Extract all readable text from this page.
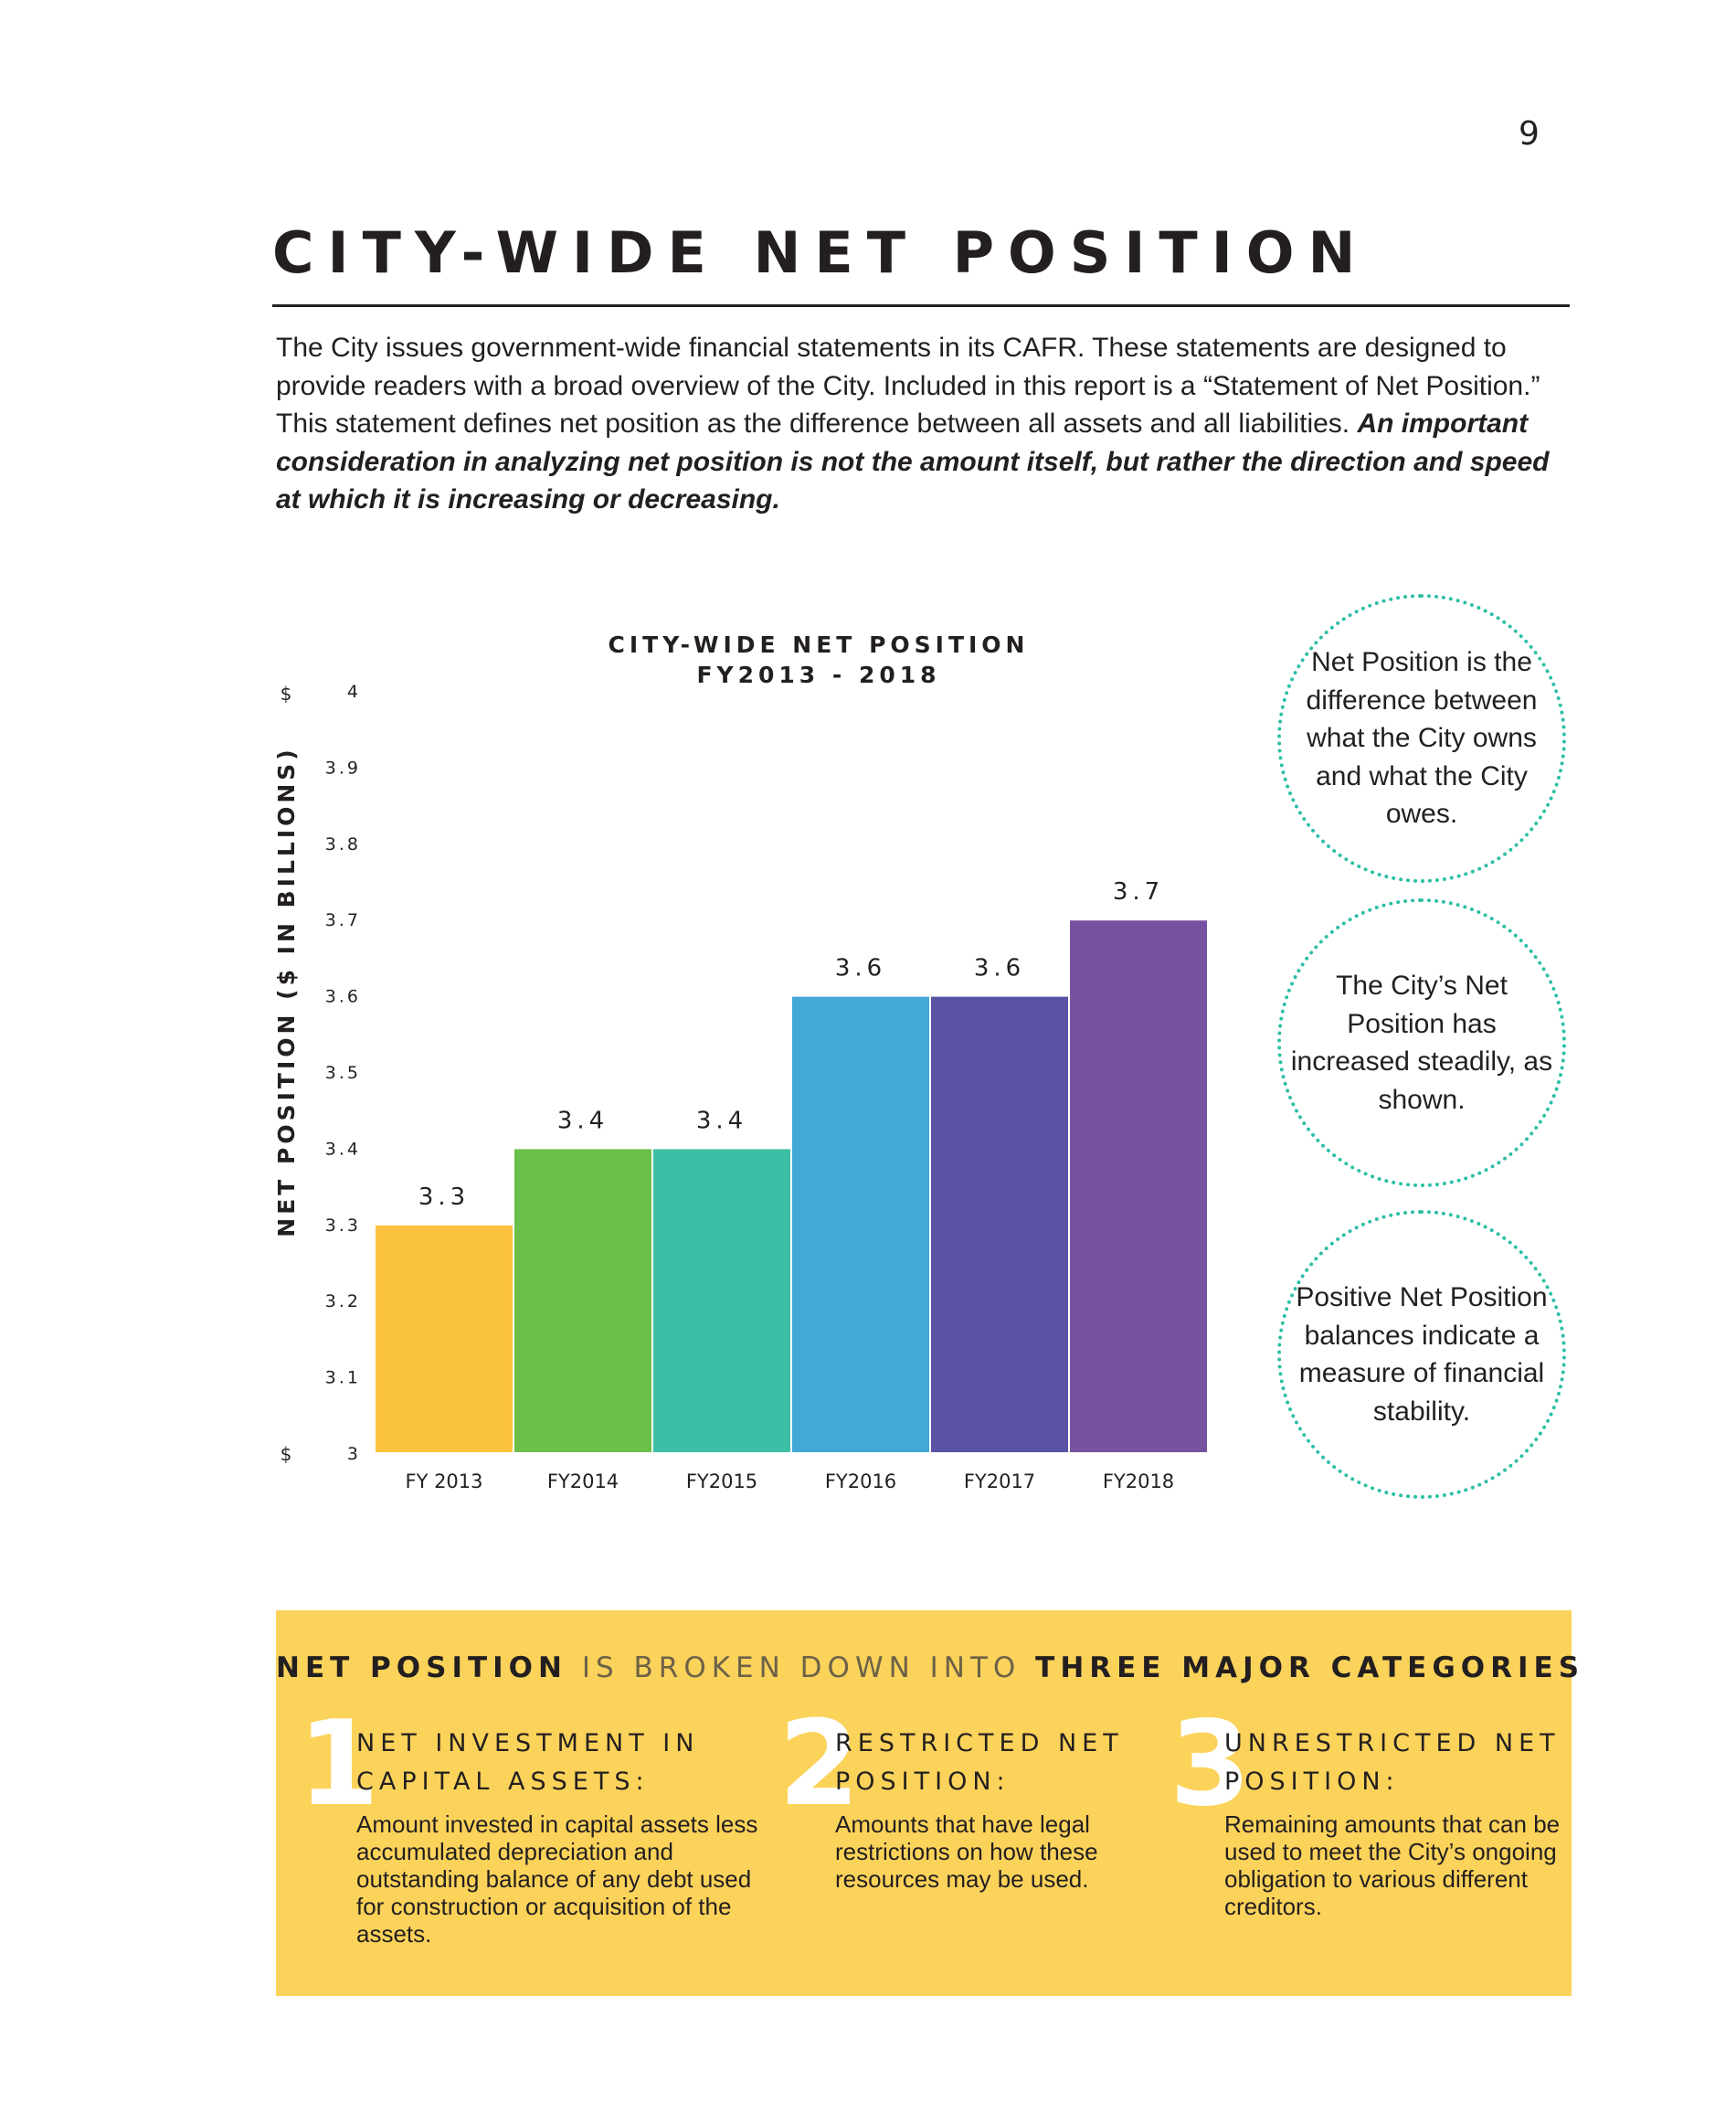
9
CITY-WIDE NET POSITION

The City issues government-wide financial statements in its CAFR. These statements are designed to provide readers with a broad overview of the City. Included in this report is a “Statement of Net Position.” This statement defines net position as the difference between all assets and all liabilities. An important consideration in analyzing net position is not the amount itself, but rather the direction and speed at which it is increasing or decreasing.

CITY-WIDE NET POSITION
FY2013 - 2018
NET POSITION ($ IN BILLIONS)
$
$	3
3.1
3.2
3.3
3.4
3.5
3.6
3.7
3.8
3.9
4
3.3
3.4	3.4
3.6	3.6
3.7
FY 2013	FY2014	FY2015	FY2016	FY2017	FY2018
Net Position is the difference between what the City owns and what the City owes.
The City’s Net Position has increased steadily, as shown.
Positive Net Position balances indicate a measure of financial stability.
NET POSITION IS BROKEN DOWN INTO THREE MAJOR CATEGORIES
1
NET INVESTMENT IN
CAPITAL ASSETS:

Amount invested in capital assets less accumulated depreciation and outstanding balance of any debt used for construction or acquisition of the assets.

2
RESTRICTED NET
POSITION:

Amounts that have legal restrictions on how these resources may be used.

3
UNRESTRICTED NET
POSITION:

Remaining amounts that can be used to meet the City’s ongoing obligation to various different creditors.
